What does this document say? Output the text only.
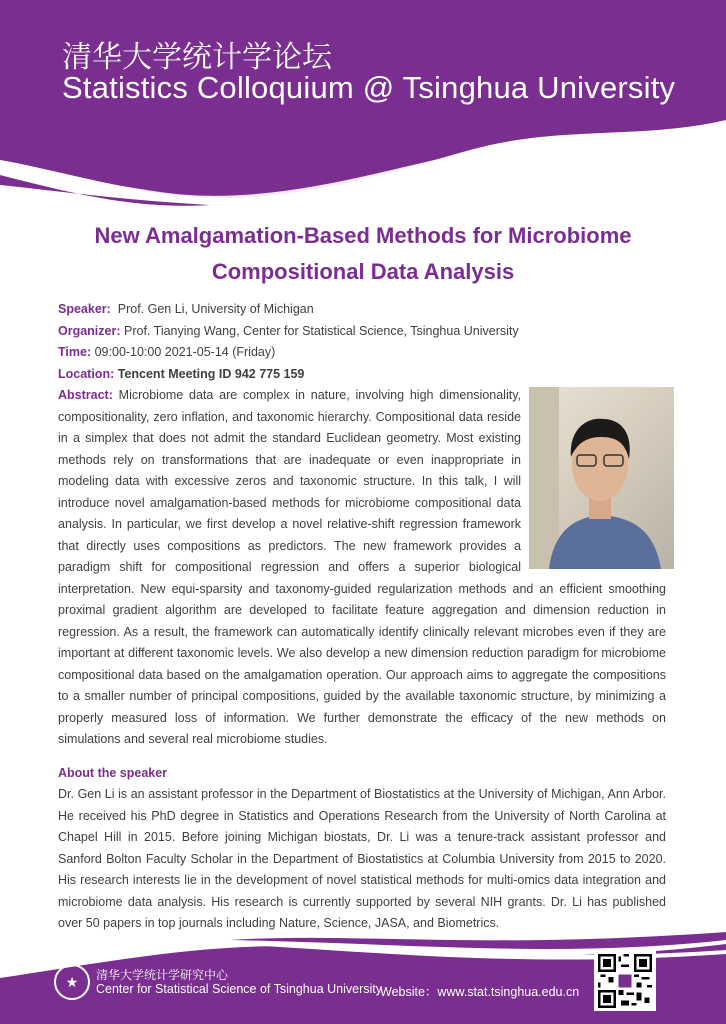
清华大学统计学论坛
Statistics Colloquium @ Tsinghua University
New Amalgamation-Based Methods for Microbiome
Compositional Data Analysis
Speaker: Prof. Gen Li, University of Michigan
Organizer: Prof. Tianying Wang, Center for Statistical Science, Tsinghua University
Time: 09:00-10:00 2021-05-14 (Friday)
Location: Tencent Meeting ID 942 775 159
Abstract: Microbiome data are complex in nature, involving high dimensionality, compositionality, zero inflation, and taxonomic hierarchy. Compositional data reside in a simplex that does not admit the standard Euclidean geometry. Most existing methods rely on transformations that are inadequate or even inappropriate in modeling data with excessive zeros and taxonomic structure. In this talk, I will introduce novel amalgamation-based methods for microbiome compositional data analysis. In particular, we first develop a novel relative-shift regression framework that directly uses compositions as predictors. The new framework provides a paradigm shift for compositional regression and offers a superior biological interpretation. New equi-sparsity and taxonomy-guided regularization methods and an efficient smoothing proximal gradient algorithm are developed to facilitate feature aggregation and dimension reduction in regression. As a result, the framework can automatically identify clinically relevant microbes even if they are important at different taxonomic levels. We also develop a new dimension reduction paradigm for microbiome compositional data based on the amalgamation operation. Our approach aims to aggregate the compositions to a smaller number of principal compositions, guided by the available taxonomic structure, by minimizing a properly measured loss of information. We further demonstrate the efficacy of the new methods on simulations and several real microbiome studies.
About the speaker
Dr. Gen Li is an assistant professor in the Department of Biostatistics at the University of Michigan, Ann Arbor. He received his PhD degree in Statistics and Operations Research from the University of North Carolina at Chapel Hill in 2015. Before joining Michigan biostats, Dr. Li was a tenure-track assistant professor and Sanford Bolton Faculty Scholar in the Department of Biostatistics at Columbia University from 2015 to 2020. His research interests lie in the development of novel statistical methods for multi-omics data integration and microbiome data analysis. His research is currently supported by several NIH grants. Dr. Li has published over 50 papers in top journals including Nature, Science, JASA, and Biometrics.
★	清华大学统计学研究中心
Center for Statistical Science of Tsinghua University
Website：www.stat.tsinghua.edu.cn
